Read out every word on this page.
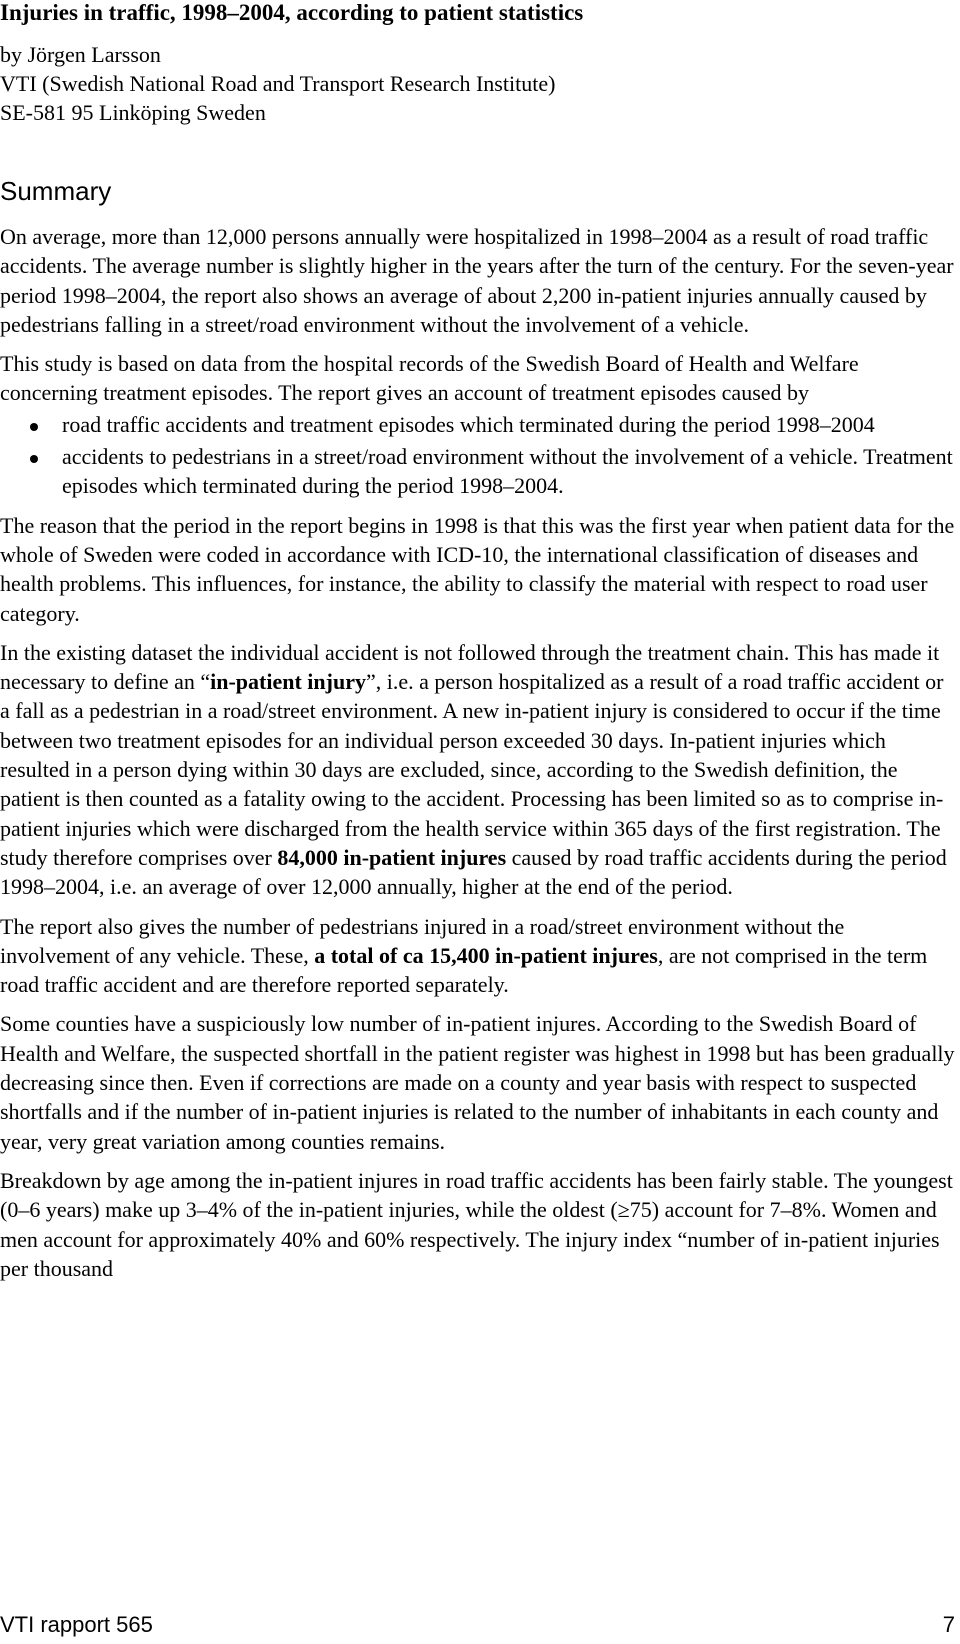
Injuries in traffic, 1998–2004, according to patient statistics
by Jörgen Larsson
VTI (Swedish National Road and Transport Research Institute)
SE-581 95 Linköping Sweden
Summary

On average, more than 12,000 persons annually were hospitalized in 1998–2004 as a result of road traffic accidents. The average number is slightly higher in the years after the turn of the century. For the seven-year period 1998–2004, the report also shows an average of about 2,200 in-patient injuries annually caused by pedestrians falling in a street/road environment without the involvement of a vehicle.

This study is based on data from the hospital records of the Swedish Board of Health and Welfare concerning treatment episodes. The report gives an account of treatment episodes caused by

road traffic accidents and treatment episodes which terminated during the period 1998–2004
accidents to pedestrians in a street/road environment without the involvement of a vehicle. Treatment episodes which terminated during the period 1998–2004.

The reason that the period in the report begins in 1998 is that this was the first year when patient data for the whole of Sweden were coded in accordance with ICD-10, the international classification of diseases and health problems. This influences, for instance, the ability to classify the material with respect to road user category.

In the existing dataset the individual accident is not followed through the treatment chain. This has made it necessary to define an “in-patient injury”, i.e. a person hospitalized as a result of a road traffic accident or a fall as a pedestrian in a road/street environment. A new in-patient injury is considered to occur if the time between two treatment episodes for an individual person exceeded 30 days. In-patient injuries which resulted in a person dying within 30 days are excluded, since, according to the Swedish definition, the patient is then counted as a fatality owing to the accident. Processing has been limited so as to comprise in-patient injuries which were discharged from the health service within 365 days of the first registration. The study therefore comprises over 84,000 in-patient injures caused by road traffic accidents during the period 1998–2004, i.e. an average of over 12,000 annually, higher at the end of the period.

The report also gives the number of pedestrians injured in a road/street environment without the involvement of any vehicle. These, a total of ca 15,400 in-patient injures, are not comprised in the term road traffic accident and are therefore reported separately.

Some counties have a suspiciously low number of in-patient injures. According to the Swedish Board of Health and Welfare, the suspected shortfall in the patient register was highest in 1998 but has been gradually decreasing since then. Even if corrections are made on a county and year basis with respect to suspected shortfalls and if the number of in-patient injuries is related to the number of inhabitants in each county and year, very great variation among counties remains.

Breakdown by age among the in-patient injures in road traffic accidents has been fairly stable. The youngest (0–6 years) make up 3–4% of the in-patient injuries, while the oldest (≥75) account for 7–8%. Women and men account for approximately 40% and 60% respectively. The injury index “number of in-patient injuries per thousand

VTI rapport 565	7
